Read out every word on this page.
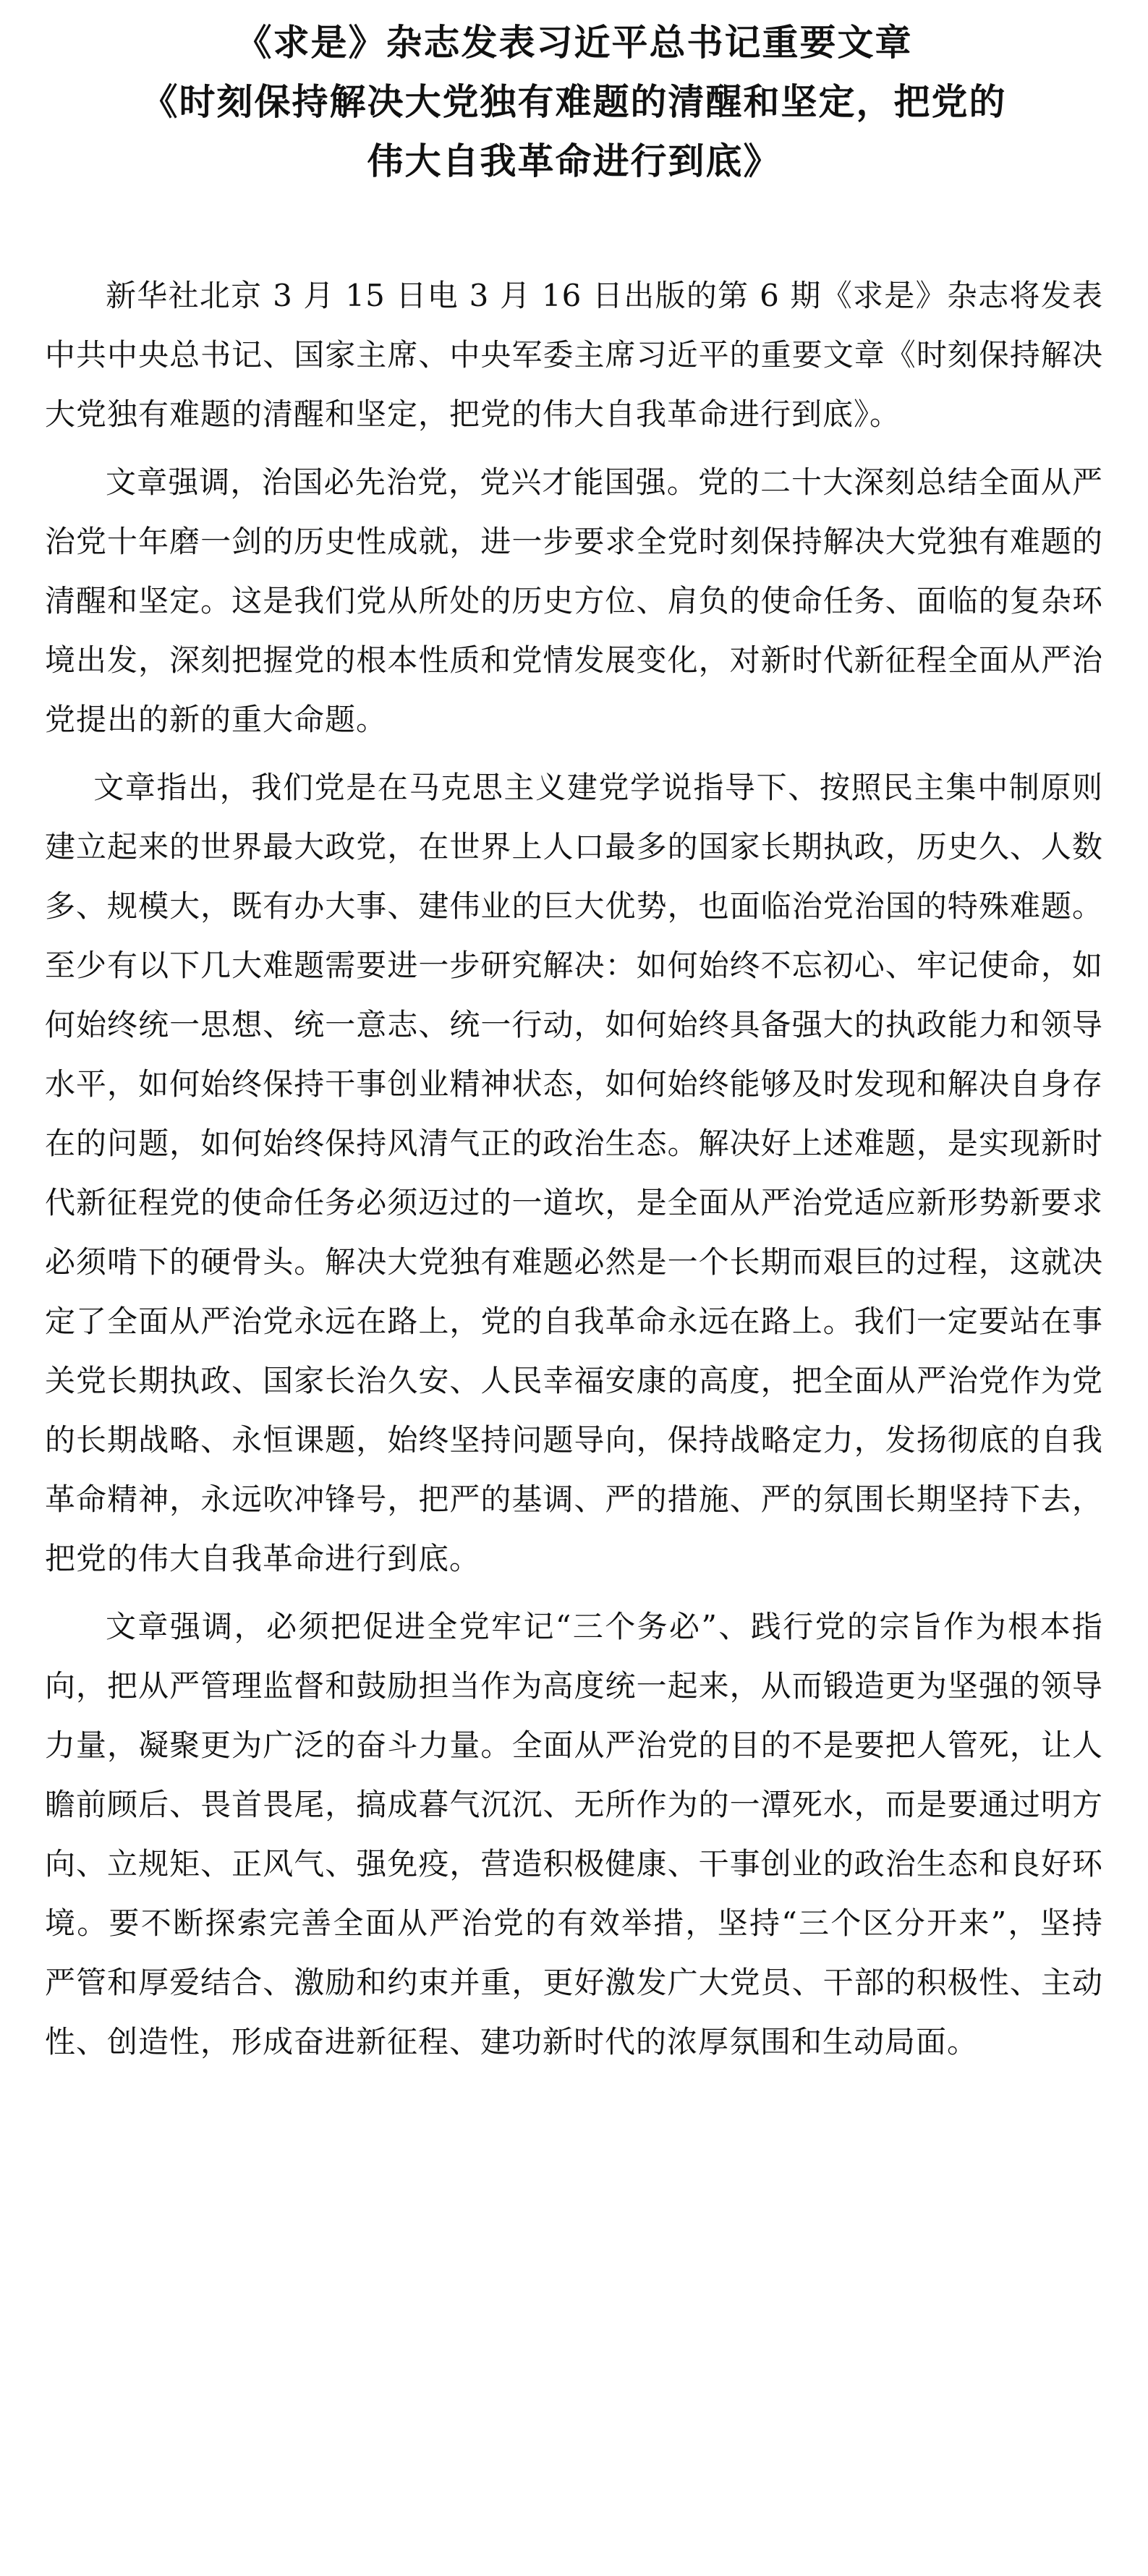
《求是》杂志发表习近平总书记重要文章
《时刻保持解决大党独有难题的清醒和坚定，把党的
伟大自我革命进行到底》

新华社北京 3 月 15 日电 3 月 16 日出版的第 6 期《求是》杂志将发表中共中央总书记、国家主席、中央军委主席习近平的重要文章《时刻保持解决大党独有难题的清醒和坚定，把党的伟大自我革命进行到底》。

文章强调，治国必先治党，党兴才能国强。党的二十大深刻总结全面从严治党十年磨一剑的历史性成就，进一步要求全党时刻保持解决大党独有难题的清醒和坚定。这是我们党从所处的历史方位、肩负的使命任务、面临的复杂环境出发，深刻把握党的根本性质和党情发展变化，对新时代新征程全面从严治党提出的新的重大命题。

文章指出，我们党是在马克思主义建党学说指导下、按照民主集中制原则建立起来的世界最大政党，在世界上人口最多的国家长期执政，历史久、人数多、规模大，既有办大事、建伟业的巨大优势，也面临治党治国的特殊难题。至少有以下几大难题需要进一步研究解决：如何始终不忘初心、牢记使命，如何始终统一思想、统一意志、统一行动，如何始终具备强大的执政能力和领导水平，如何始终保持干事创业精神状态，如何始终能够及时发现和解决自身存在的问题，如何始终保持风清气正的政治生态。解决好上述难题，是实现新时代新征程党的使命任务必须迈过的一道坎，是全面从严治党适应新形势新要求必须啃下的硬骨头。解决大党独有难题必然是一个长期而艰巨的过程，这就决定了全面从严治党永远在路上，党的自我革命永远在路上。我们一定要站在事关党长期执政、国家长治久安、人民幸福安康的高度，把全面从严治党作为党的长期战略、永恒课题，始终坚持问题导向，保持战略定力，发扬彻底的自我革命精神，永远吹冲锋号，把严的基调、严的措施、严的氛围长期坚持下去，把党的伟大自我革命进行到底。

文章强调，必须把促进全党牢记“三个务必”、践行党的宗旨作为根本指向，把从严管理监督和鼓励担当作为高度统一起来，从而锻造更为坚强的领导力量，凝聚更为广泛的奋斗力量。全面从严治党的目的不是要把人管死，让人瞻前顾后、畏首畏尾，搞成暮气沉沉、无所作为的一潭死水，而是要通过明方向、立规矩、正风气、强免疫，营造积极健康、干事创业的政治生态和良好环境。要不断探索完善全面从严治党的有效举措，坚持“三个区分开来”，坚持严管和厚爱结合、激励和约束并重，更好激发广大党员、干部的积极性、主动性、创造性，形成奋进新征程、建功新时代的浓厚氛围和生动局面。
